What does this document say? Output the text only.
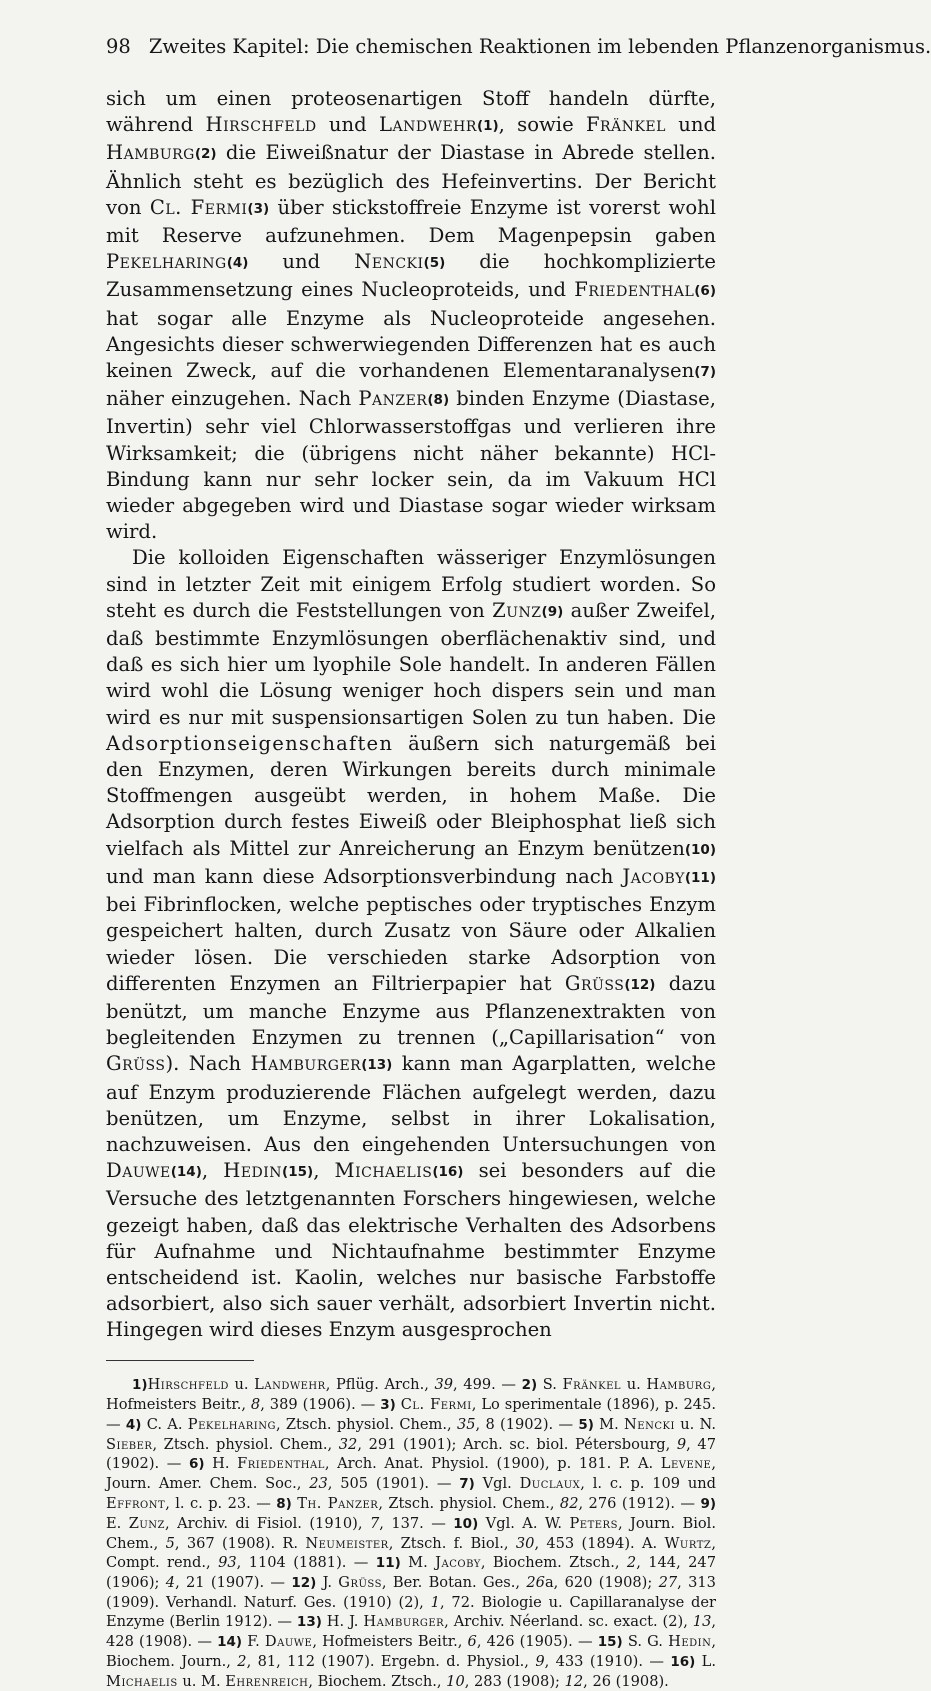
98 Zweites Kapitel: Die chemischen Reaktionen im lebenden Pflanzenorganismus.

sich um einen proteosenartigen Stoff handeln dürfte, während Hirschfeld und Landwehr(1), sowie Fränkel und Hamburg(2) die Eiweißnatur der Diastase in Abrede stellen. Ähnlich steht es bezüglich des Hefeinvertins. Der Bericht von Cl. Fermi(3) über stickstoffreie Enzyme ist vorerst wohl mit Reserve aufzunehmen. Dem Magenpepsin gaben Pekelharing(4) und Nencki(5) die hochkomplizierte Zusammensetzung eines Nucleoproteids, und Friedenthal(6) hat sogar alle Enzyme als Nucleoproteide angesehen. Angesichts dieser schwerwiegenden Differenzen hat es auch keinen Zweck, auf die vorhandenen Elementaranalysen(7) näher einzugehen. Nach Panzer(8) binden Enzyme (Diastase, Invertin) sehr viel Chlorwasserstoffgas und verlieren ihre Wirksamkeit; die (übrigens nicht näher bekannte) HCl-Bindung kann nur sehr locker sein, da im Vakuum HCl wieder abgegeben wird und Diastase sogar wieder wirksam wird.

Die kolloiden Eigenschaften wässeriger Enzymlösungen sind in letzter Zeit mit einigem Erfolg studiert worden. So steht es durch die Feststellungen von Zunz(9) außer Zweifel, daß bestimmte Enzymlösungen oberflächenaktiv sind, und daß es sich hier um lyophile Sole handelt. In anderen Fällen wird wohl die Lösung weniger hoch dispers sein und man wird es nur mit suspensionsartigen Solen zu tun haben. Die Adsorptionseigenschaften äußern sich naturgemäß bei den Enzymen, deren Wirkungen bereits durch minimale Stoffmengen ausgeübt werden, in hohem Maße. Die Adsorption durch festes Eiweiß oder Bleiphosphat ließ sich vielfach als Mittel zur Anreicherung an Enzym benützen(10) und man kann diese Adsorptionsverbindung nach Jacoby(11) bei Fibrinflocken, welche peptisches oder tryptisches Enzym gespeichert halten, durch Zusatz von Säure oder Alkalien wieder lösen. Die verschieden starke Adsorption von differenten Enzymen an Filtrierpapier hat Grüss(12) dazu benützt, um manche Enzyme aus Pflanzenextrakten von begleitenden Enzymen zu trennen („Capillarisation“ von Grüss). Nach Hamburger(13) kann man Agarplatten, welche auf Enzym produzierende Flächen aufgelegt werden, dazu benützen, um Enzyme, selbst in ihrer Lokalisation, nachzuweisen. Aus den eingehenden Untersuchungen von Dauwe(14), Hedin(15), Michaelis(16) sei besonders auf die Versuche des letztgenannten Forschers hingewiesen, welche gezeigt haben, daß das elektrische Verhalten des Adsorbens für Aufnahme und Nichtaufnahme bestimmter Enzyme entscheidend ist. Kaolin, welches nur basische Farbstoffe adsorbiert, also sich sauer verhält, adsorbiert Invertin nicht. Hingegen wird dieses Enzym ausgesprochen

1)Hirschfeld u. Landwehr, Pflüg. Arch., 39, 499. — 2) S. Fränkel u. Hamburg, Hofmeisters Beitr., 8, 389 (1906). — 3) Cl. Fermi, Lo sperimentale (1896), p. 245. — 4) C. A. Pekelharing, Ztsch. physiol. Chem., 35, 8 (1902). — 5) M. Nencki u. N. Sieber, Ztsch. physiol. Chem., 32, 291 (1901); Arch. sc. biol. Pétersbourg, 9, 47 (1902). — 6) H. Friedenthal, Arch. Anat. Physiol. (1900), p. 181. P. A. Levene, Journ. Amer. Chem. Soc., 23, 505 (1901). — 7) Vgl. Duclaux, l. c. p. 109 und Effront, l. c. p. 23. — 8) Th. Panzer, Ztsch. physiol. Chem., 82, 276 (1912). — 9) E. Zunz, Archiv. di Fisiol. (1910), 7, 137. — 10) Vgl. A. W. Peters, Journ. Biol. Chem., 5, 367 (1908). R. Neumeister, Ztsch. f. Biol., 30, 453 (1894). A. Wurtz, Compt. rend., 93, 1104 (1881). — 11) M. Jacoby, Biochem. Ztsch., 2, 144, 247 (1906); 4, 21 (1907). — 12) J. Grüss, Ber. Botan. Ges., 26a, 620 (1908); 27, 313 (1909). Verhandl. Naturf. Ges. (1910) (2), 1, 72. Biologie u. Capillaranalyse der Enzyme (Berlin 1912). — 13) H. J. Hamburger, Archiv. Néerland. sc. exact. (2), 13, 428 (1908). — 14) F. Dauwe, Hofmeisters Beitr., 6, 426 (1905). — 15) S. G. Hedin, Biochem. Journ., 2, 81, 112 (1907). Ergebn. d. Physiol., 9, 433 (1910). — 16) L. Michaelis u. M. Ehrenreich, Biochem. Ztsch., 10, 283 (1908); 12, 26 (1908).
